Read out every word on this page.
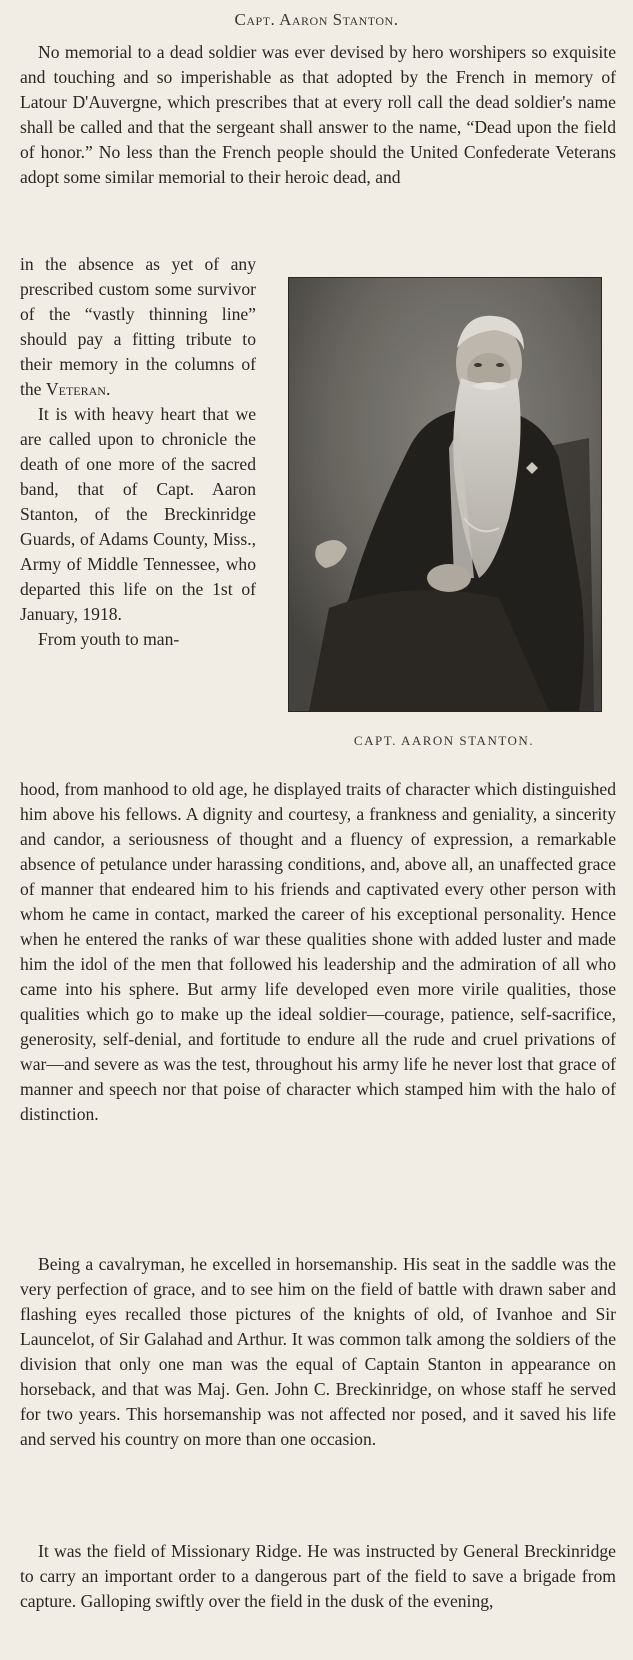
Capt. Aaron Stanton.

No memorial to a dead soldier was ever devised by hero worshipers so exquisite and touching and so imperishable as that adopted by the French in memory of Latour D'Auvergne, which prescribes that at every roll call the dead soldier's name shall be called and that the sergeant shall answer to the name, “Dead upon the field of honor.” No less than the French people should the United Confederate Veterans adopt some similar memorial to their heroic dead, and

in the absence as yet of any prescribed custom some survivor of the “vastly thinning line” should pay a fitting tribute to their memory in the columns of the Veteran.

It is with heavy heart that we are called upon to chronicle the death of one more of the sacred band, that of Capt. Aaron Stanton, of the Breckinridge Guards, of Adams County, Miss., Army of Middle Tennessee, who departed this life on the 1st of January, 1918.

From youth to man-

CAPT. AARON STANTON.

hood, from manhood to old age, he displayed traits of character which distinguished him above his fellows. A dignity and courtesy, a frankness and geniality, a sincerity and candor, a seriousness of thought and a fluency of expression, a remarkable absence of petulance under harassing conditions, and, above all, an unaffected grace of manner that endeared him to his friends and captivated every other person with whom he came in contact, marked the career of his exceptional personality. Hence when he entered the ranks of war these qualities shone with added luster and made him the idol of the men that followed his leadership and the admiration of all who came into his sphere. But army life developed even more virile qualities, those qualities which go to make up the ideal soldier—courage, patience, self-sacrifice, generosity, self-denial, and fortitude to endure all the rude and cruel privations of war—and severe as was the test, throughout his army life he never lost that grace of manner and speech nor that poise of character which stamped him with the halo of distinction.

Being a cavalryman, he excelled in horsemanship. His seat in the saddle was the very perfection of grace, and to see him on the field of battle with drawn saber and flashing eyes recalled those pictures of the knights of old, of Ivanhoe and Sir Launcelot, of Sir Galahad and Arthur. It was common talk among the soldiers of the division that only one man was the equal of Captain Stanton in appearance on horseback, and that was Maj. Gen. John C. Breckinridge, on whose staff he served for two years. This horsemanship was not affected nor posed, and it saved his life and served his country on more than one occasion.

It was the field of Missionary Ridge. He was instructed by General Breckinridge to carry an important order to a dangerous part of the field to save a brigade from capture. Galloping swiftly over the field in the dusk of the evening,
